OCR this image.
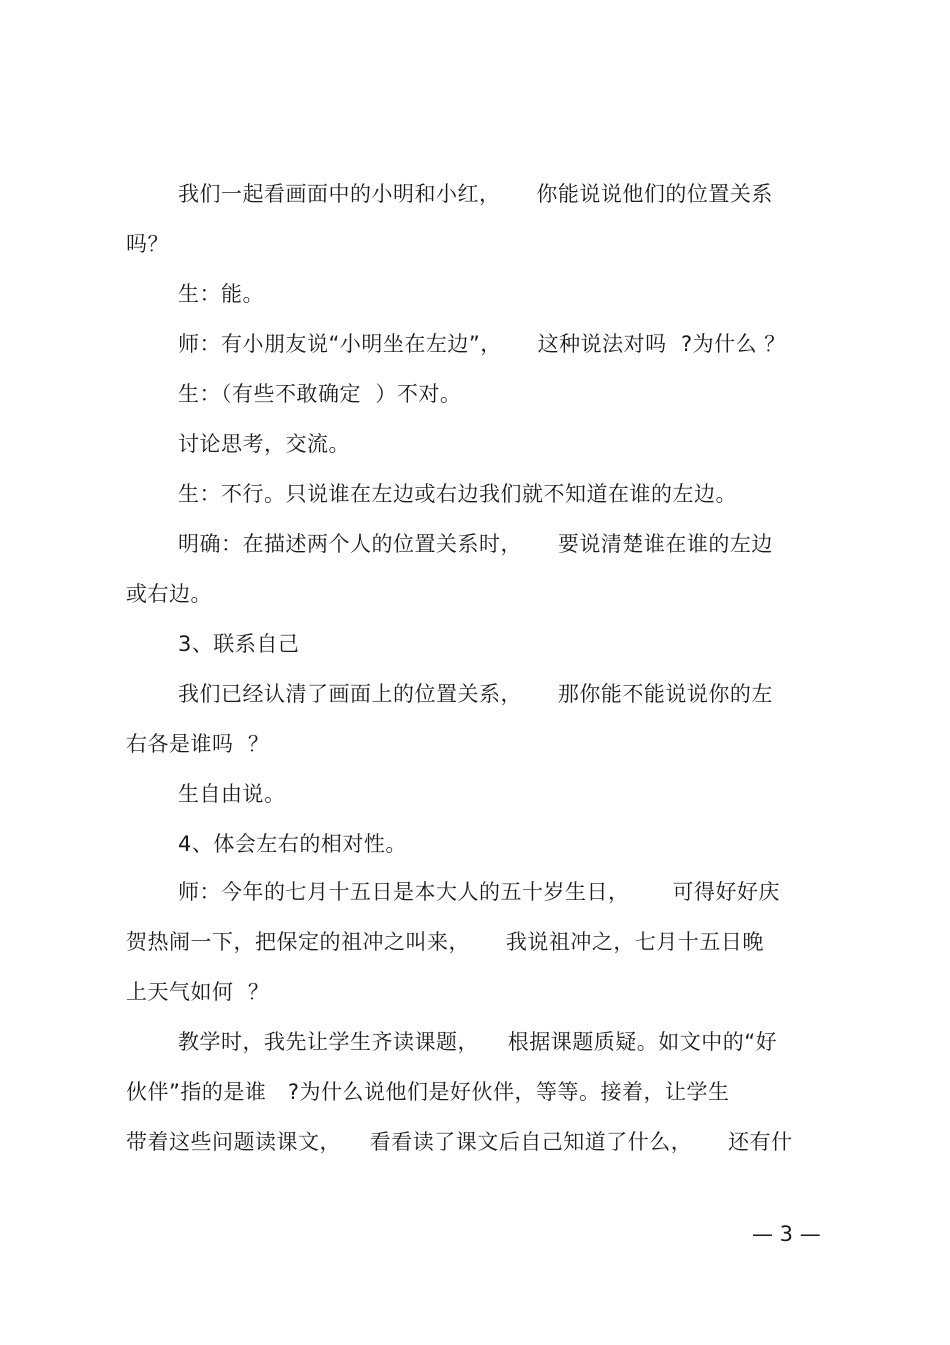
我们一起看画面中的小明和小红，     你能说说他们的位置关系
吗？
生：能。
师：有小朋友说“小明坐在左边”，     这种说法对吗  ?为什么 ？
生：（有些不敢确定  ）不对。
讨论思考，交流。
生：不行。只说谁在左边或右边我们就不知道在谁的左边。
明确：在描述两个人的位置关系时，     要说清楚谁在谁的左边
或右边。
3、联系自己
我们已经认清了画面上的位置关系，     那你能不能说说你的左
右各是谁吗  ？
生自由说。
4、体会左右的相对性。
师：今年的七月十五日是本大人的五十岁生日，      可得好好庆
贺热闹一下，把保定的祖冲之叫来，     我说祖冲之，七月十五日晚
上天气如何  ？
教学时，我先让学生齐读课题，    根据课题质疑。如文中的“好
伙伴”指的是谁   ?为什么说他们是好伙伴，等等。接着，让学生
带着这些问题读课文，    看看读了课文后自己知道了什么，     还有什
— 3 —
